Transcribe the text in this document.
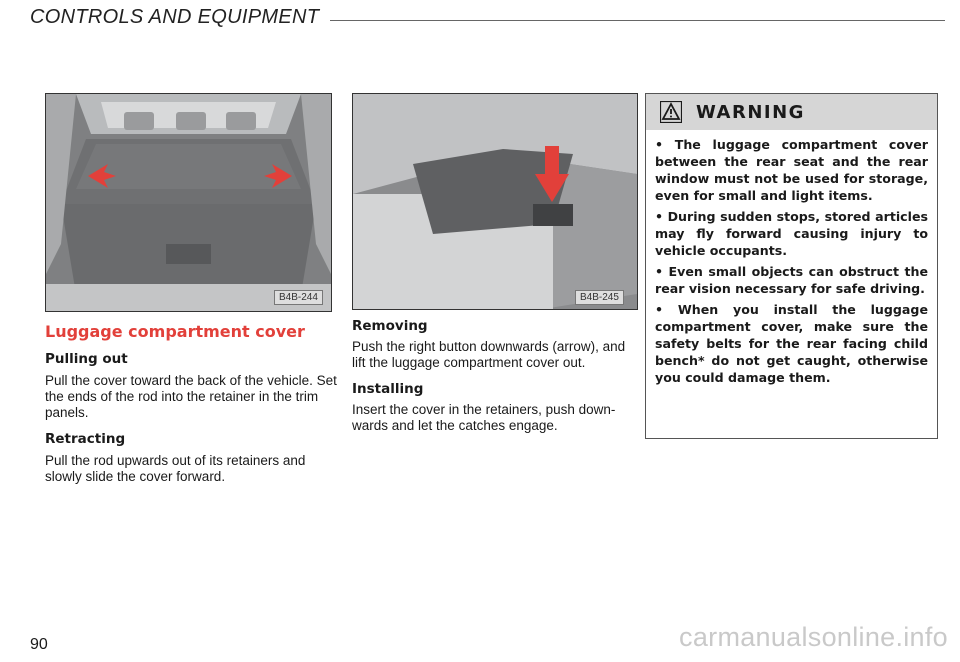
CONTROLS AND EQUIPMENT
B4B-244	B4B-245
Luggage compartment cover
Pulling out

Pull the cover toward the back of the vehicle. Set the ends of the rod into the retainer in the trim panels.

Retracting

Pull the rod upwards out of its retainers and slowly slide the cover forward.

Removing

Push the right button downwards (arrow), and lift the luggage compartment cover out.

Installing

Insert the cover in the retainers, push downwards and let the catches engage.

WARNING

• The luggage compartment cover between the rear seat and the rear window must not be used for storage, even for small and light items.

• During sudden stops, stored articles may fly forward causing injury to vehicle occupants.

• Even small objects can obstruct the rear vision necessary for safe driving.

• When you install the luggage compartment cover, make sure the safety belts for the rear facing child bench* do not get caught, otherwise you could damage them.

90	carmanualsonline.info
